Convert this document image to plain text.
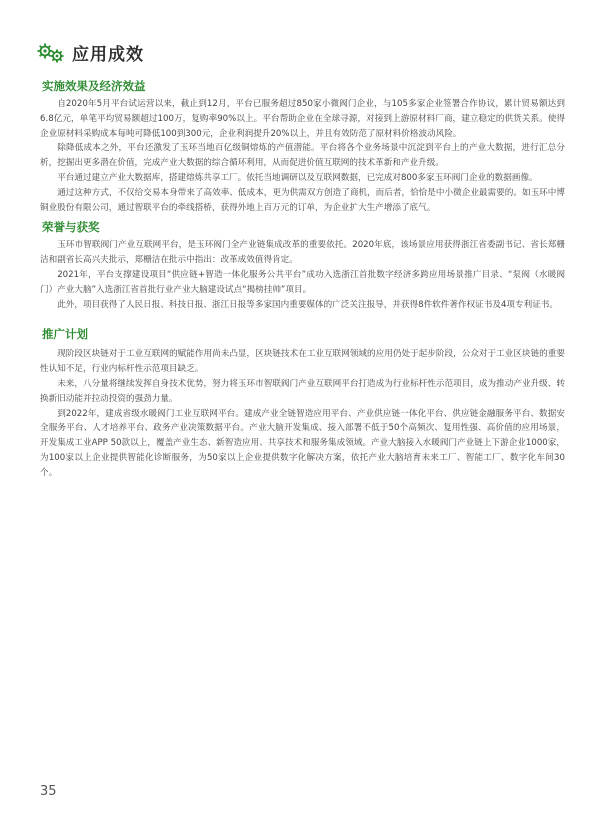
应用成效
实施效果及经济效益

自2020年5月平台试运营以来，截止到12月，平台已服务超过850家小微阀门企业，与105多家企业签署合作协议，累计贸易额达到6.8亿元，单笔平均贸易额超过100万，复购率90%以上。平台帮助企业在全球寻源，对接到上游原材料厂商，建立稳定的供货关系。使得企业原材料采购成本每吨可降低100到300元，企业利润提升20%以上，并且有效防范了原材料价格波动风险。

除降低成本之外，平台还激发了玉环当地百亿级铜熔炼的产值潜能。平台将各个业务场景中沉淀到平台上的产业大数据，进行汇总分析，挖掘出更多潜在价值，完成产业大数据的综合循环利用，从而促进价值互联网的技术革新和产业升级。

平台通过建立产业大数据库，搭建熔炼共享工厂。依托当地调研以及互联网数据，已完成对800多家玉环阀门企业的数据画像。

通过这种方式，不仅给交易本身带来了高效率、低成本，更为供需双方创造了商机，而后者，恰恰是中小微企业最需要的。如玉环中博铜业股份有限公司，通过智联平台的牵线搭桥，获得外地上百万元的订单，为企业扩大生产增添了底气。

荣誉与获奖

玉环市智联阀门产业互联网平台，是玉环阀门全产业链集成改革的重要依托。2020年底，该场景应用获得浙江省委副书记、省长郑栅洁和副省长高兴夫批示，郑栅洁在批示中指出：改革成效值得肯定。

2021年，平台支撑建设项目“供应链+智造一体化服务公共平台”成功入选浙江首批数字经济多跨应用场景推广目录、“泵阀（水暖阀门）产业大脑”入选浙江省首批行业产业大脑建设试点“揭榜挂帅”项目。

此外，项目获得了人民日报、科技日报、浙江日报等多家国内重要媒体的广泛关注报导，并获得8件软件著作权证书及4项专利证书。

推广计划

现阶段区块链对于工业互联网的赋能作用尚未凸显，区块链技术在工业互联网领域的应用仍处于起步阶段，公众对于工业区块链的重要性认知不足，行业内标杆性示范项目缺乏。

未来，八分量将继续发挥自身技术优势，努力将玉环市智联阀门产业互联网平台打造成为行业标杆性示范项目，成为推动产业升级、转换新旧动能并拉动投资的强劲力量。

到2022年，建成省级水暖阀门工业互联网平台。建成产业全链智造应用平台、产业供应链一体化平台、供应链金融服务平台、数据安全服务平台、人才培养平台、政务产业决策数据平台。产业大脑开发集成、接入部署不低于50个高频次、复用性强、高价值的应用场景，开发集成工业APP 50款以上，覆盖产业生态、新智造应用、共享技术和服务集成领域。产业大脑接入水暖阀门产业链上下游企业1000家，为100家以上企业提供智能化诊断服务，为50家以上企业提供数字化解决方案，依托产业大脑培育未来工厂、智能工厂、数字化车间30个。

35
